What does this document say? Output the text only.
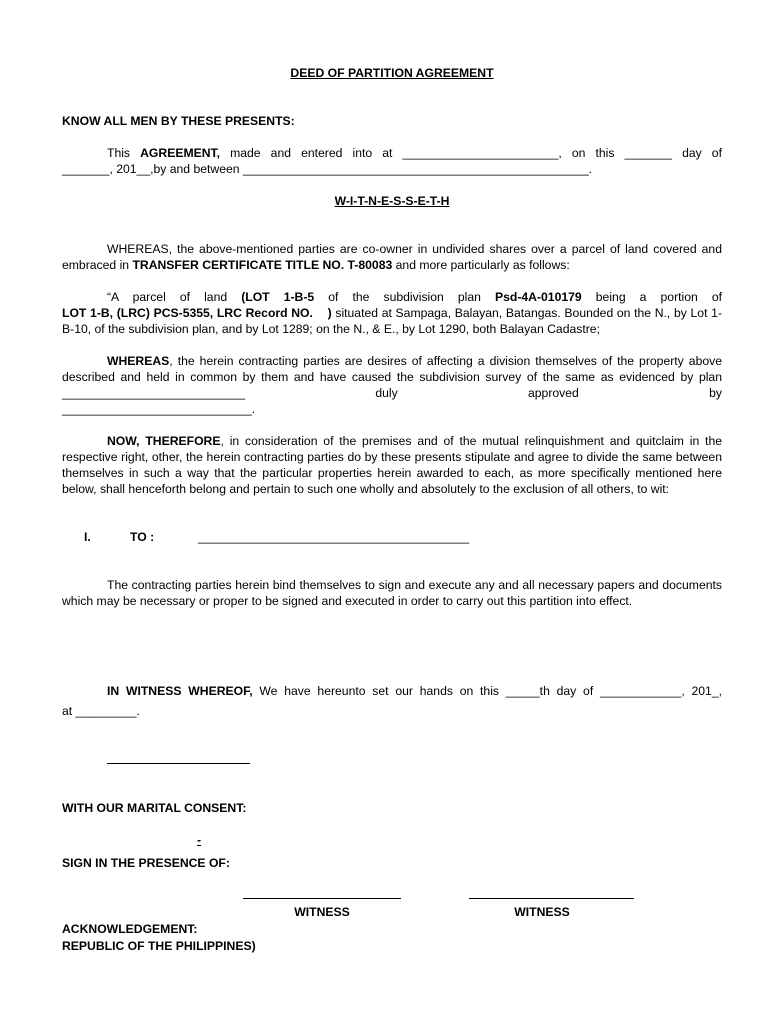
DEED OF PARTITION AGREEMENT
KNOW ALL MEN BY THESE PRESENTS:
This AGREEMENT, made and entered into at _______________________, on this _______ day of
_______, 201__,by and between ___________________________________________________.
W-I-T-N-E-S-S-E-T-H
WHEREAS, the above-mentioned parties are co-owner in undivided shares over a parcel of land covered and embraced in TRANSFER CERTIFICATE TITLE NO. T-80083 and more particularly as follows:
“A parcel of land (LOT 1-B-5 of the subdivision plan Psd-4A-010179 being a portion of LOT 1-B, (LRC) PCS-5355, LRC Record NO.    ) situated at Sampaga, Balayan, Batangas. Bounded on the N., by Lot 1-B-10, of the subdivision plan, and by Lot 1289; on the N., & E., by Lot 1290, both Balayan Cadastre;
WHEREAS, the herein contracting parties are desires of affecting a division themselves of the property above described and held in common by them and have caused the subdivision survey of the same as evidenced by plan ___________________________ duly approved by
____________________________.
NOW, THEREFORE, in consideration of the premises and of the mutual relinquishment and quitclaim in the respective right, other, the herein contracting parties do by these presents stipulate and agree to divide the same between themselves in such a way that the particular properties herein awarded to each, as more specifically mentioned here below, shall henceforth belong and pertain to such one wholly and absolutely to the exclusion of all others, to wit:
I.	TO :	________________________________________
The contracting parties herein bind themselves to sign and execute any and all necessary papers and documents which may be necessary or proper to be signed and executed in order to carry out this partition into effect.
IN WITNESS WHEREOF, We have hereunto set our hands on this _____th day of ____________, 201_,
at _________.
WITH OUR MARITAL CONSENT:
-
SIGN IN THE PRESENCE OF:
WITNESS	WITNESS
ACKNOWLEDGEMENT:
REPUBLIC OF THE PHILIPPINES)
